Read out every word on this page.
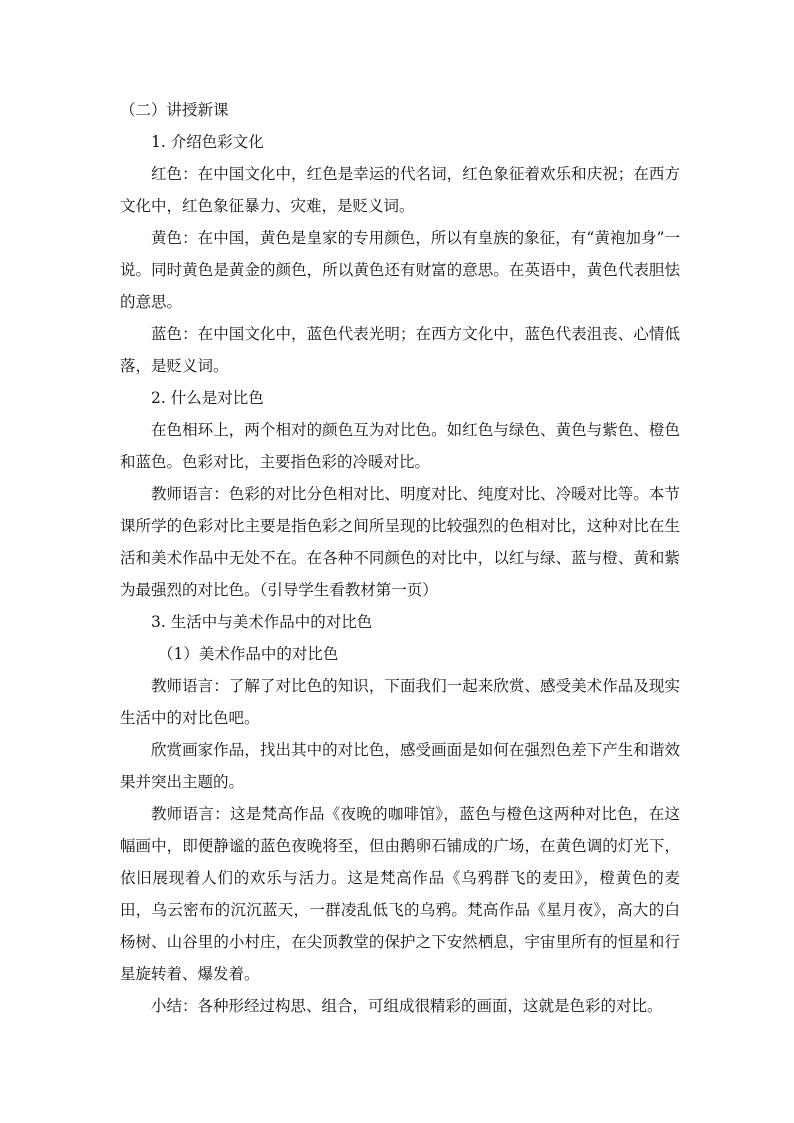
（二）讲授新课

1. 介绍色彩文化

红色：在中国文化中，红色是幸运的代名词，红色象征着欢乐和庆祝；在西方文化中，红色象征暴力、灾难，是贬义词。

黄色：在中国，黄色是皇家的专用颜色，所以有皇族的象征，有“黄袍加身”一说。同时黄色是黄金的颜色，所以黄色还有财富的意思。在英语中，黄色代表胆怯的意思。

蓝色：在中国文化中，蓝色代表光明；在西方文化中，蓝色代表沮丧、心情低落，是贬义词。

2. 什么是对比色

在色相环上，两个相对的颜色互为对比色。如红色与绿色、黄色与紫色、橙色和蓝色。色彩对比，主要指色彩的冷暖对比。

教师语言：色彩的对比分色相对比、明度对比、纯度对比、冷暖对比等。本节课所学的色彩对比主要是指色彩之间所呈现的比较强烈的色相对比，这种对比在生活和美术作品中无处不在。在各种不同颜色的对比中，以红与绿、蓝与橙、黄和紫为最强烈的对比色。（引导学生看教材第一页）

3. 生活中与美术作品中的对比色

（1）美术作品中的对比色

教师语言：了解了对比色的知识，下面我们一起来欣赏、感受美术作品及现实生活中的对比色吧。

欣赏画家作品，找出其中的对比色，感受画面是如何在强烈色差下产生和谐效果并突出主题的。

教师语言：这是梵高作品《夜晚的咖啡馆》，蓝色与橙色这两种对比色，在这幅画中，即便静谧的蓝色夜晚将至，但由鹅卵石铺成的广场，在黄色调的灯光下，依旧展现着人们的欢乐与活力。这是梵高作品《乌鸦群飞的麦田》，橙黄色的麦田，乌云密布的沉沉蓝天，一群凌乱低飞的乌鸦。梵高作品《星月夜》，高大的白杨树、山谷里的小村庄，在尖顶教堂的保护之下安然栖息，宇宙里所有的恒星和行星旋转着、爆发着。

小结：各种形经过构思、组合，可组成很精彩的画面，这就是色彩的对比。
